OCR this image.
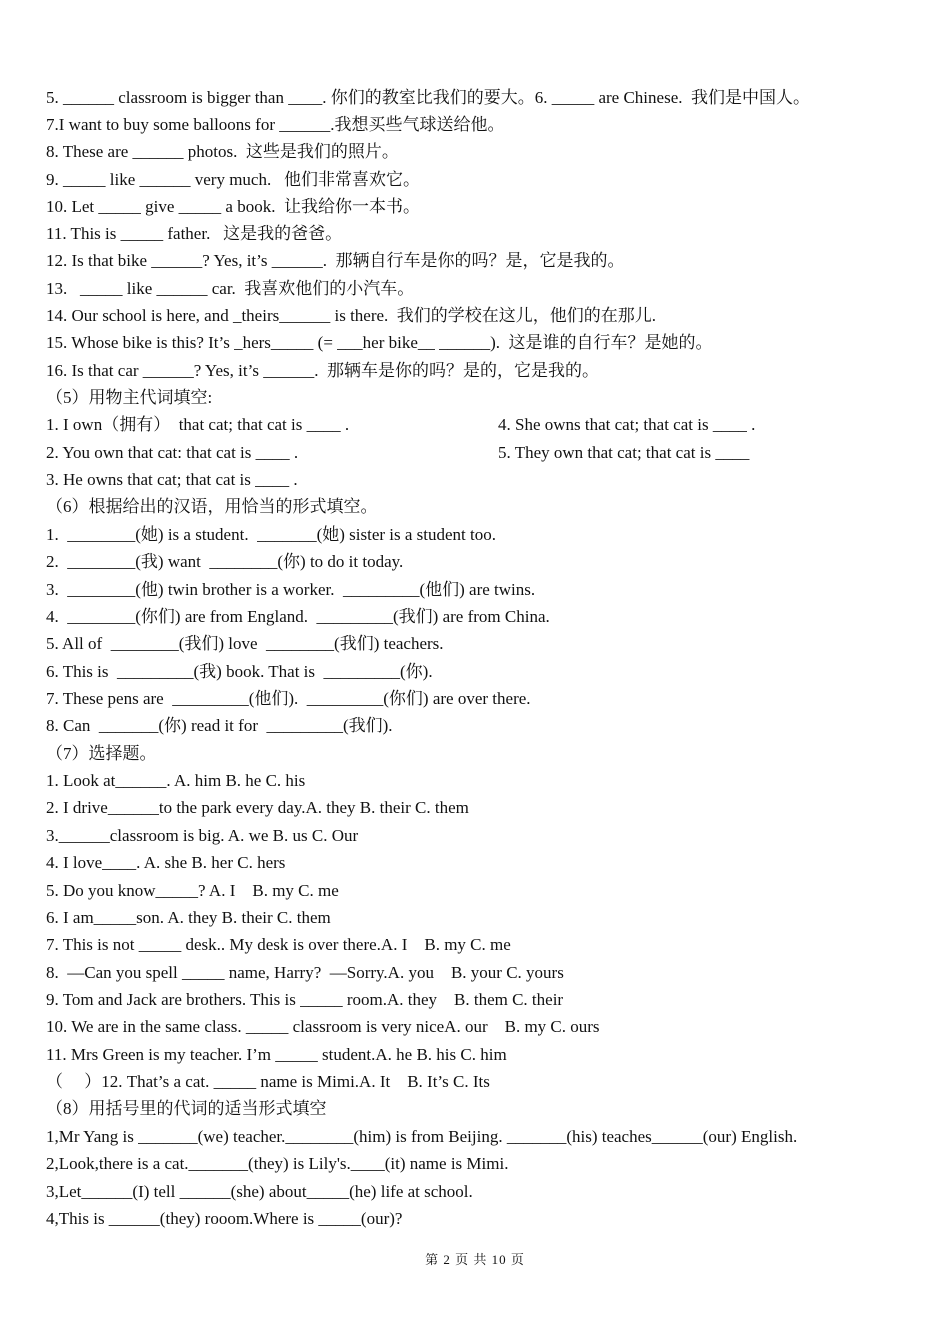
5. ______ classroom is bigger than ____. 你们的教室比我们的要大。6. _____ are Chinese.  我们是中国人。
7.I want to buy some balloons for ______.我想买些气球送给他。
8. These are ______ photos.  这些是我们的照片。
9. _____ like ______ very much.   他们非常喜欢它。
10. Let _____ give _____ a book.  让我给你一本书。
11. This is _____ father.   这是我的爸爸。
12. Is that bike ______? Yes, it’s ______.  那辆自行车是你的吗？是，它是我的。
13.   _____ like ______ car.  我喜欢他们的小汽车。
14. Our school is here, and _theirs______ is there.  我们的学校在这儿，他们的在那儿.
15. Whose bike is this? It’s _hers_____ (= ___her bike__ ______).  这是谁的自行车？是她的。
16. Is that car ______? Yes, it’s ______.  那辆车是你的吗？是的，它是我的。
（5）用物主代词填空:
1. I own（拥有）  that cat; that cat is ____ .	4. She owns that cat; that cat is ____ .
2. You own that cat: that cat is ____ .	5. They own that cat; that cat is ____
3. He owns that cat; that cat is ____ .
（6）根据给出的汉语，用恰当的形式填空。
1.  ________(她) is a student.  _______(她) sister is a student too.
2.  ________(我) want  ________(你) to do it today.
3.  ________(他) twin brother is a worker.  _________(他们) are twins.
4.  ________(你们) are from England.  _________(我们) are from China.
5. All of  ________(我们) love  ________(我们) teachers.
6. This is  _________(我) book. That is  _________(你).
7. These pens are  _________(他们).  _________(你们) are over there.
8. Can  _______(你) read it for  _________(我们).
（7）选择题。
1. Look at______. A. him B. he C. his
2. I drive______to the park every day.A. they B. their C. them
3.______classroom is big. A. we B. us C. Our
4. I love____. A. she B. her C. hers
5. Do you know_____? A. I    B. my C. me
6. I am_____son. A. they B. their C. them
7. This is not _____ desk.. My desk is over there.A. I    B. my C. me
8.  —Can you spell _____ name, Harry?  —Sorry.A. you    B. your C. yours
9. Tom and Jack are brothers. This is _____ room.A. they    B. them C. their
10. We are in the same class. _____ classroom is very niceA. our    B. my C. ours
11. Mrs Green is my teacher. I’m _____ student.A. he B. his C. him
（     ）12. That’s a cat. _____ name is Mimi.A. It    B. It’s C. Its
（8）用括号里的代词的适当形式填空
1,Mr Yang is _______(we) teacher.________(him) is from Beijing. _______(his) teaches______(our) English.
2,Look,there is a cat._______(they) is Lily's.____(it) name is Mimi.
3,Let______(I) tell ______(she) about_____(he) life at school.
4,This is ______(they) rooom.Where is _____(our)?
第 2 页 共 10 页
